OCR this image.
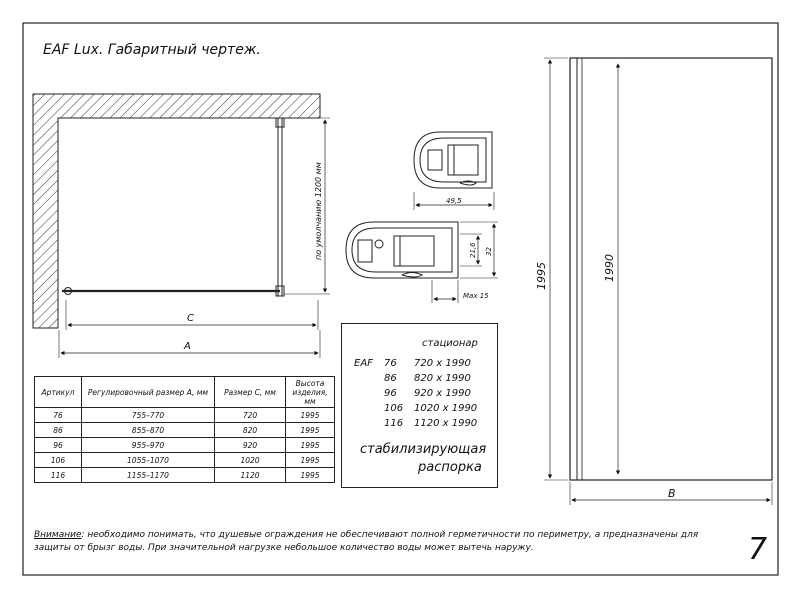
по умолчанию 1200 мм
C
A
49,5
21,6 32
Max 15
1995	1990
B
EAF Lux. Габаритный чертеж.
Артикул	Регулировочный размер A, мм	Размер C, мм	Высота изделия, мм
76	755–770	720	1995
86	855–870	820	1995
96	955–970	920	1995
106	1055–1070	1020	1995
116	1155–1170	1120	1995
стационар
EAF 76 720 x 1990
86 820 x 1990
96 920 x 1990
106 1020 x 1990
116 1120 x 1990
стабилизирующая
распорка
Внимание: необходимо понимать, что душевые ограждения не обеспечивают полной герметичности по периметру, а предназначены для защиты от брызг воды. При значительной нагрузке небольшое количество воды может вытечь наружу.	7
